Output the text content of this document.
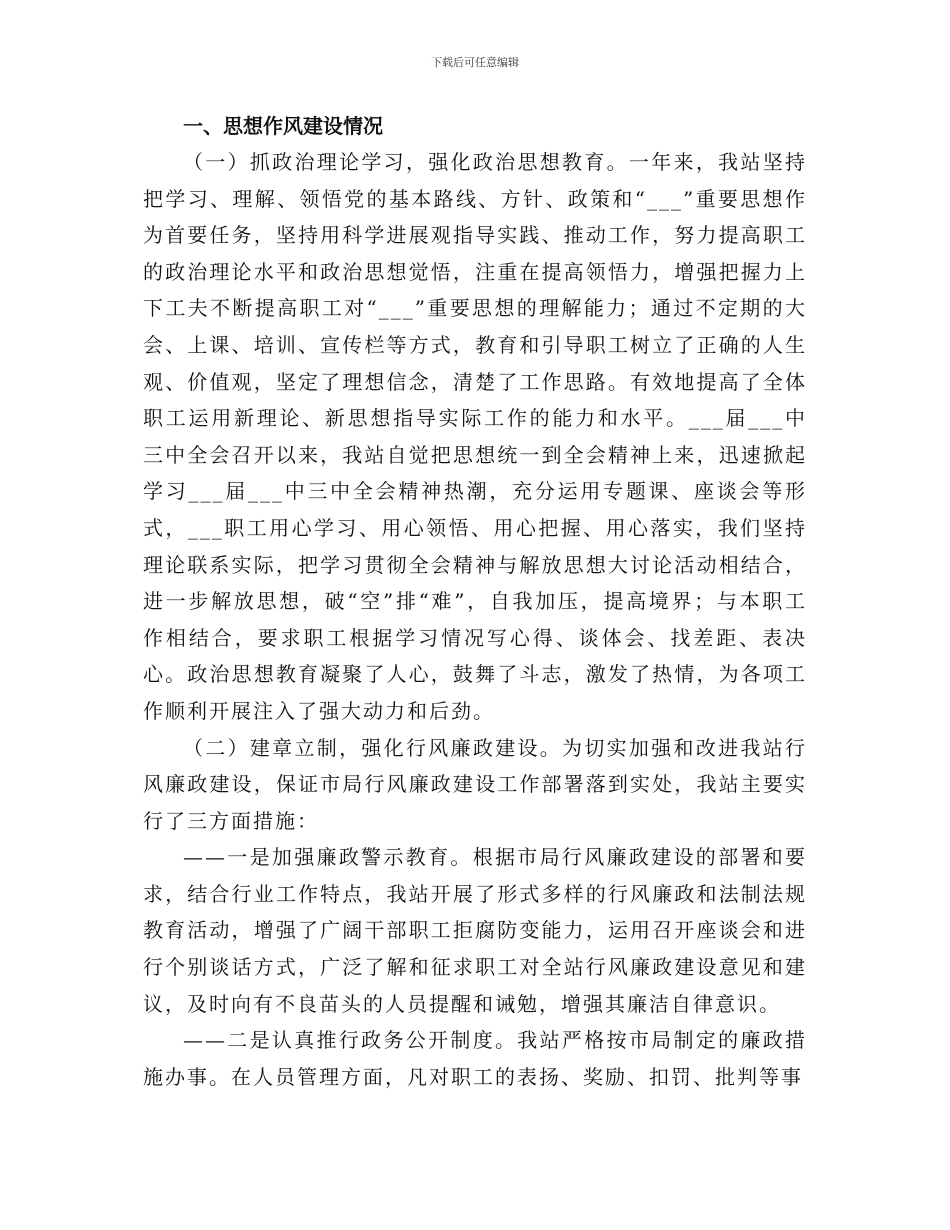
下载后可任意编辑

一、思想作风建设情况

（一）抓政治理论学习，强化政治思想教育。一年来，我站坚持把学习、理解、领悟党的基本路线、方针、政策和“___”重要思想作为首要任务，坚持用科学进展观指导实践、推动工作，努力提高职工的政治理论水平和政治思想觉悟，注重在提高领悟力，增强把握力上下工夫不断提高职工对“___”重要思想的理解能力；通过不定期的大会、上课、培训、宣传栏等方式，教育和引导职工树立了正确的人生观、价值观，坚定了理想信念，清楚了工作思路。有效地提高了全体职工运用新理论、新思想指导实际工作的能力和水平。___届___中三中全会召开以来，我站自觉把思想统一到全会精神上来，迅速掀起学习___届___中三中全会精神热潮，充分运用专题课、座谈会等形式，___职工用心学习、用心领悟、用心把握、用心落实，我们坚持理论联系实际，把学习贯彻全会精神与解放思想大讨论活动相结合，进一步解放思想，破“空”排“难”，自我加压，提高境界；与本职工作相结合，要求职工根据学习情况写心得、谈体会、找差距、表决心。政治思想教育凝聚了人心，鼓舞了斗志，激发了热情，为各项工作顺利开展注入了强大动力和后劲。

（二）建章立制，强化行风廉政建设。为切实加强和改进我站行风廉政建设，保证市局行风廉政建设工作部署落到实处，我站主要实行了三方面措施：

——一是加强廉政警示教育。根据市局行风廉政建设的部署和要求，结合行业工作特点，我站开展了形式多样的行风廉政和法制法规教育活动，增强了广阔干部职工拒腐防变能力，运用召开座谈会和进行个别谈话方式，广泛了解和征求职工对全站行风廉政建设意见和建议，及时向有不良苗头的人员提醒和诫勉，增强其廉洁自律意识。

——二是认真推行政务公开制度。我站严格按市局制定的廉政措施办事。在人员管理方面，凡对职工的表扬、奖励、扣罚、批判等事
